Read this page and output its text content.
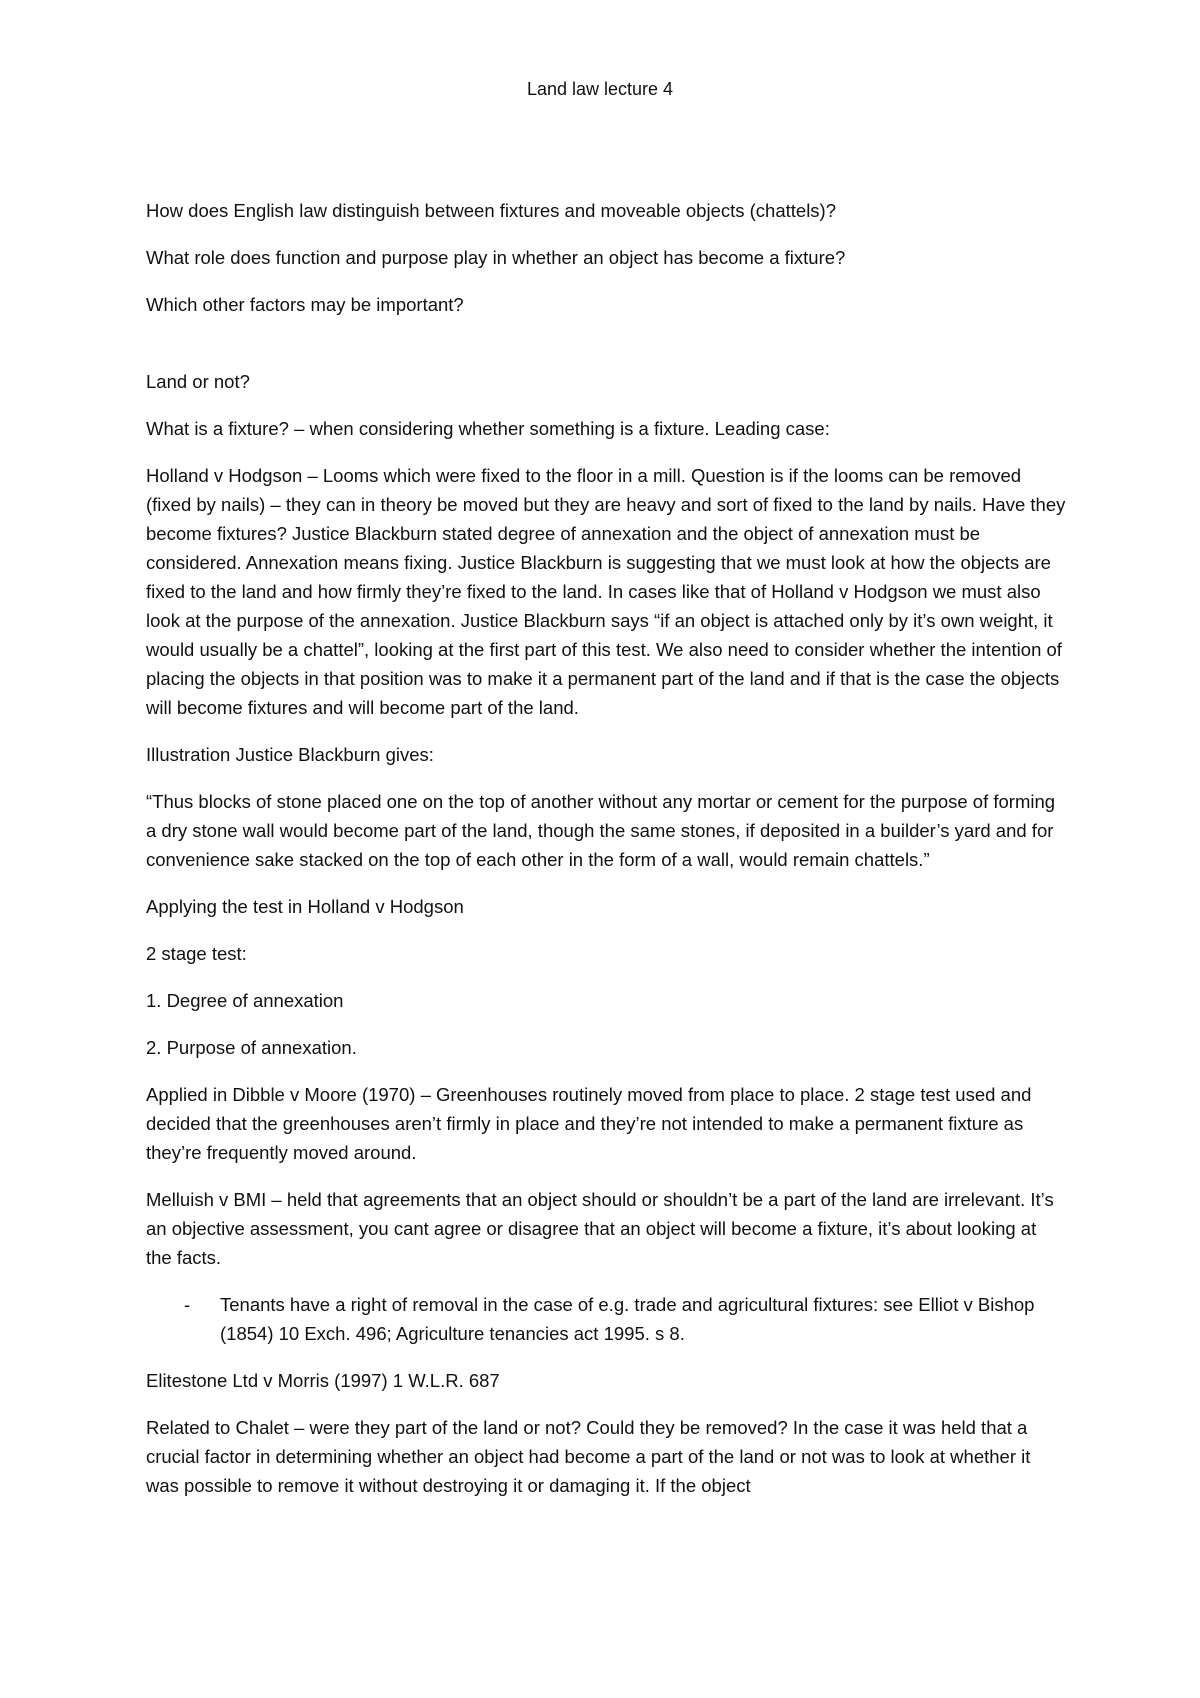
Land law lecture 4

How does English law distinguish between fixtures and moveable objects (chattels)?

What role does function and purpose play in whether an object has become a fixture?

Which other factors may be important?

Land or not?

What is a fixture? – when considering whether something is a fixture. Leading case:

Holland v Hodgson – Looms which were fixed to the floor in a mill. Question is if the looms can be removed (fixed by nails) – they can in theory be moved but they are heavy and sort of fixed to the land by nails. Have they become fixtures? Justice Blackburn stated degree of annexation and the object of annexation must be considered. Annexation means fixing. Justice Blackburn is suggesting that we must look at how the objects are fixed to the land and how firmly they’re fixed to the land. In cases like that of Holland v Hodgson we must also look at the purpose of the annexation. Justice Blackburn says “if an object is attached only by it’s own weight, it would usually be a chattel”, looking at the first part of this test. We also need to consider whether the intention of placing the objects in that position was to make it a permanent part of the land and if that is the case the objects will become fixtures and will become part of the land.

Illustration Justice Blackburn gives:

“Thus blocks of stone placed one on the top of another without any mortar or cement for the purpose of forming a dry stone wall would become part of the land, though the same stones, if deposited in a builder’s yard and for convenience sake stacked on the top of each other in the form of a wall, would remain chattels.”

Applying the test in Holland v Hodgson

2 stage test:

1. Degree of annexation

2. Purpose of annexation.

Applied in Dibble v Moore (1970) – Greenhouses routinely moved from place to place. 2 stage test used and decided that the greenhouses aren’t firmly in place and they’re not intended to make a permanent fixture as they’re frequently moved around.

Melluish v BMI – held that agreements that an object should or shouldn’t be a part of the land are irrelevant. It’s an objective assessment, you cant agree or disagree that an object will become a fixture, it’s about looking at the facts.

-	Tenants have a right of removal in the case of e.g. trade and agricultural fixtures: see Elliot v Bishop (1854) 10 Exch. 496; Agriculture tenancies act 1995. s 8.

Elitestone Ltd v Morris (1997) 1 W.L.R. 687

Related to Chalet – were they part of the land or not? Could they be removed? In the case it was held that a crucial factor in determining whether an object had become a part of the land or not was to look at whether it was possible to remove it without destroying it or damaging it. If the object
